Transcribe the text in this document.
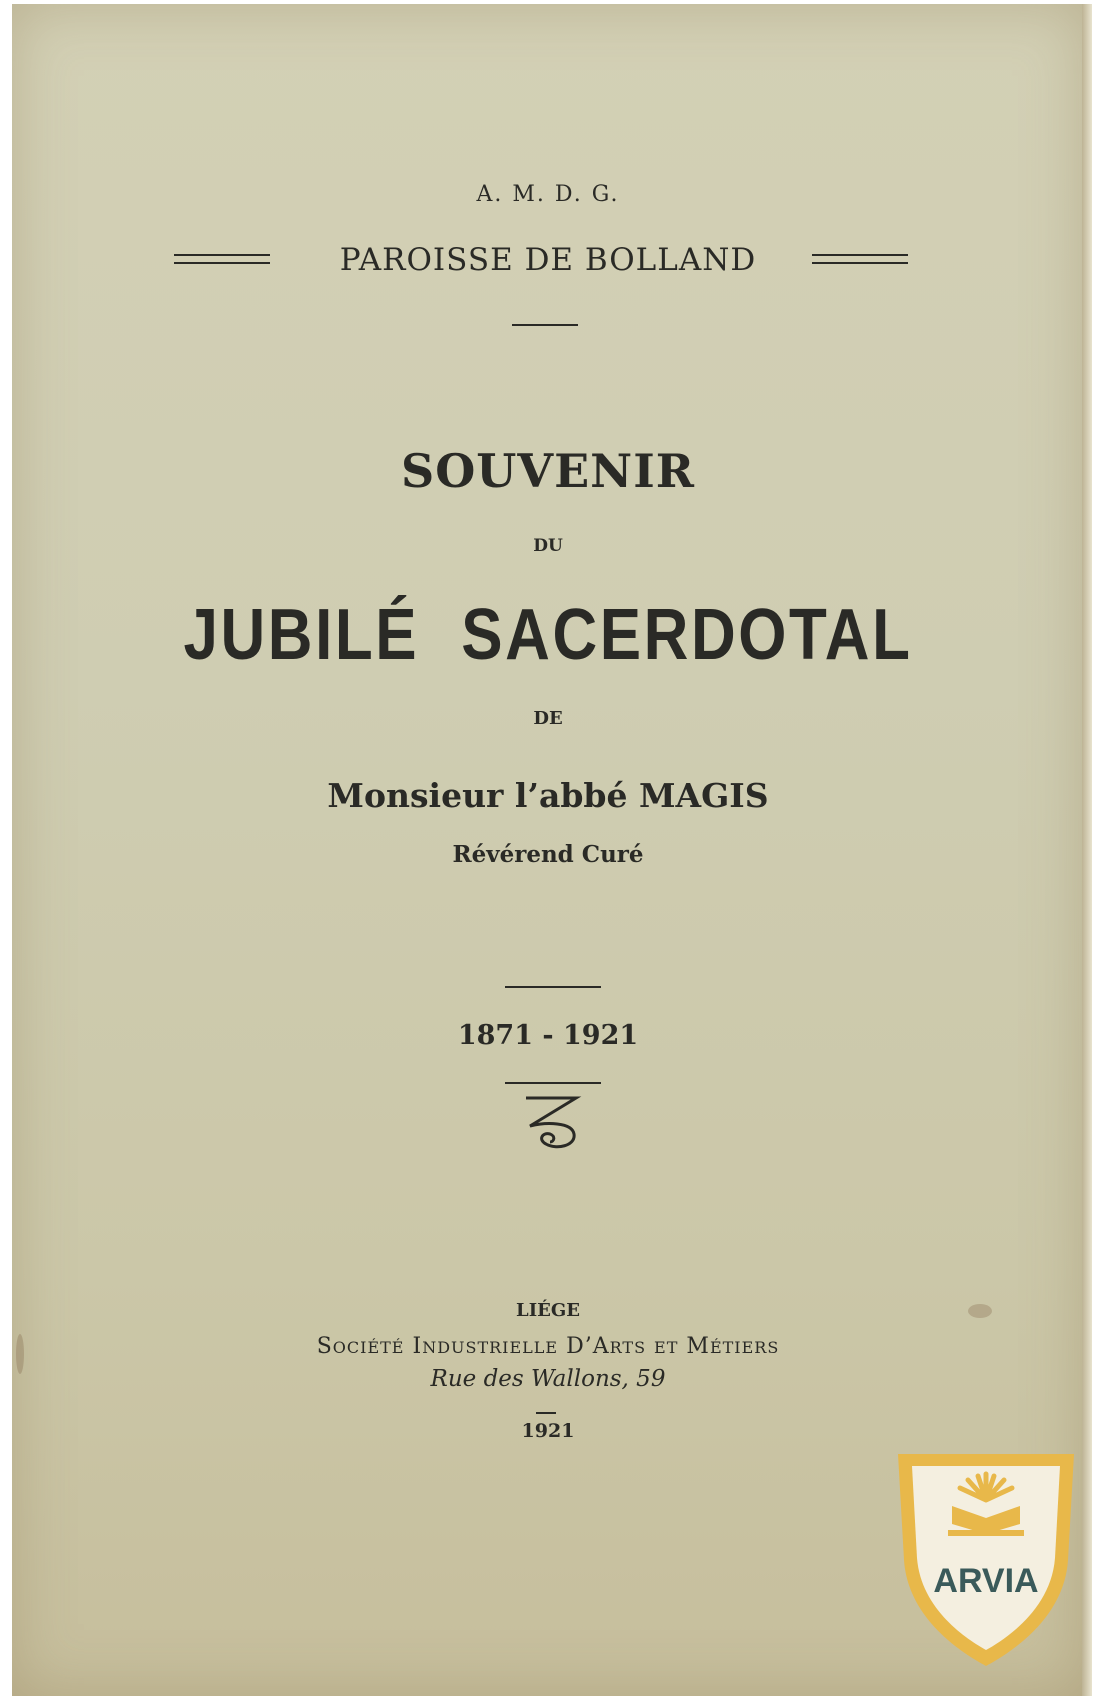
A. M. D. G.
PAROISSE DE BOLLAND
SOUVENIR
DU
JUBILÉ SACERDOTAL
DE
Monsieur l’abbé MAGIS
Révérend Curé
1871 - 1921
LIÉGE
SOCIÉTÉ INDUSTRIELLE D’ARTS ET MÉTIERS
Rue des Wallons, 59
1921
ARVIA
